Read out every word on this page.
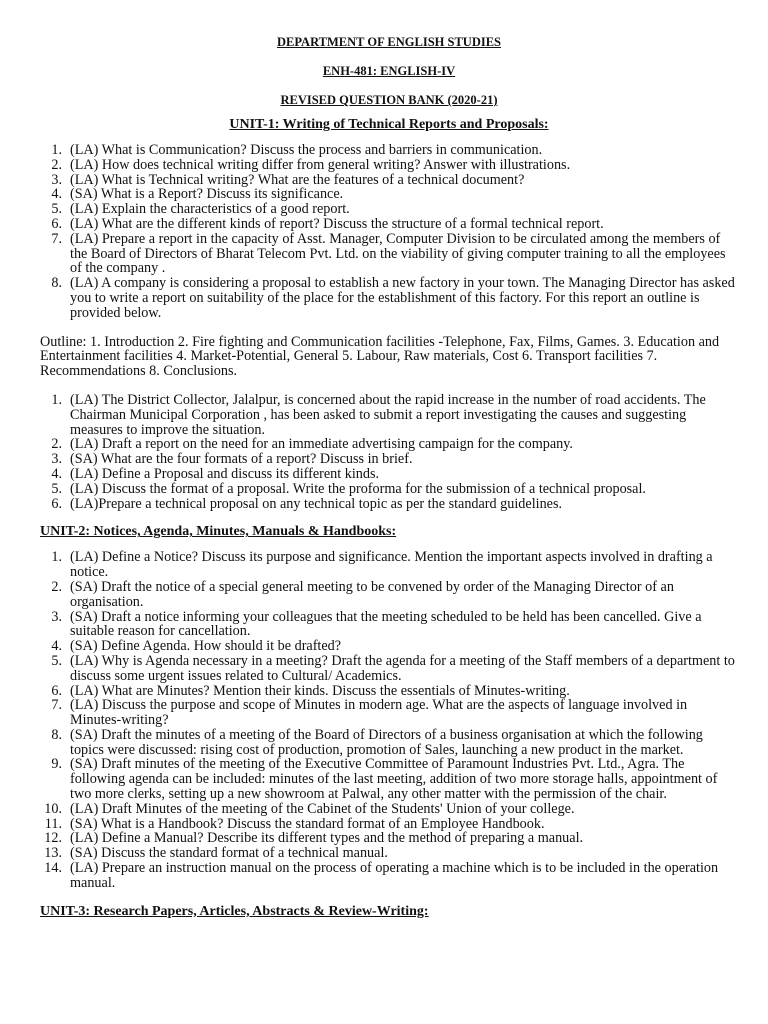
DEPARTMENT OF ENGLISH STUDIES

ENH-481: ENGLISH-IV

REVISED QUESTION BANK (2020-21)

UNIT-1: Writing of Technical Reports and Proposals:
1. (LA) What is Communication? Discuss the process and barriers in communication.
2. (LA) How does technical writing differ from general writing? Answer with illustrations.
3. (LA) What is Technical writing? What are the features of a technical document?
4. (SA) What is a Report? Discuss its significance.
5. (LA) Explain the characteristics of a good report.
6. (LA) What are the different kinds of report? Discuss the structure of a formal technical report.
7. (LA) Prepare a report in the capacity of Asst. Manager, Computer Division to be circulated among the members of the Board of Directors of Bharat Telecom Pvt. Ltd. on the viability of giving computer training to all the employees of the company .
8. (LA) A company is considering a proposal to establish a new factory in your town. The Managing Director has asked you to write a report on suitability of the place for the establishment of this factory. For this report an outline is provided below.
Outline: 1. Introduction 2. Fire fighting and Communication facilities -Telephone, Fax, Films, Games. 3. Education and Entertainment facilities 4. Market-Potential, General 5. Labour, Raw materials, Cost 6. Transport facilities 7. Recommendations 8. Conclusions.
1. (LA) The District Collector, Jalalpur, is concerned about the rapid increase in the number of road accidents. The Chairman Municipal Corporation , has been asked to submit a report investigating the causes and suggesting measures to improve the situation.
2. (LA) Draft a report on the need for an immediate advertising campaign for the company.
3. (SA) What are the four formats of a report? Discuss in brief.
4. (LA) Define a Proposal and discuss its different kinds.
5. (LA) Discuss the format of a proposal. Write the proforma for the submission of a technical proposal.
6. (LA)Prepare a technical proposal on any technical topic as per the standard guidelines.
UNIT-2: Notices, Agenda, Minutes, Manuals & Handbooks:
1. (LA) Define a Notice? Discuss its purpose and significance. Mention the important aspects involved in drafting a notice.
2. (SA) Draft the notice of a special general meeting to be convened by order of the Managing Director of an organisation.
3. (SA) Draft a notice informing your colleagues that the meeting scheduled to be held has been cancelled. Give a suitable reason for cancellation.
4. (SA) Define Agenda. How should it be drafted?
5. (LA) Why is Agenda necessary in a meeting? Draft the agenda for a meeting of the Staff members of a department to discuss some urgent issues related to Cultural/ Academics.
6. (LA) What are Minutes? Mention their kinds. Discuss the essentials of Minutes-writing.
7. (LA) Discuss the purpose and scope of Minutes in modern age. What are the aspects of language involved in Minutes-writing?
8. (SA) Draft the minutes of a meeting of the Board of Directors of a business organisation at which the following topics were discussed: rising cost of production, promotion of Sales, launching a new product in the market.
9. (SA) Draft minutes of the meeting of the Executive Committee of Paramount Industries Pvt. Ltd., Agra. The following agenda can be included: minutes of the last meeting, addition of two more storage halls, appointment of two more clerks, setting up a new showroom at Palwal, any other matter with the permission of the chair.
10. (LA) Draft Minutes of the meeting of the Cabinet of the Students' Union of your college.
11. (SA) What is a Handbook? Discuss the standard format of an Employee Handbook.
12. (LA) Define a Manual? Describe its different types and the method of preparing a manual.
13. (SA) Discuss the standard format of a technical manual.
14. (LA) Prepare an instruction manual on the process of operating a machine which is to be included in the operation manual.
UNIT-3: Research Papers, Articles, Abstracts & Review-Writing:
